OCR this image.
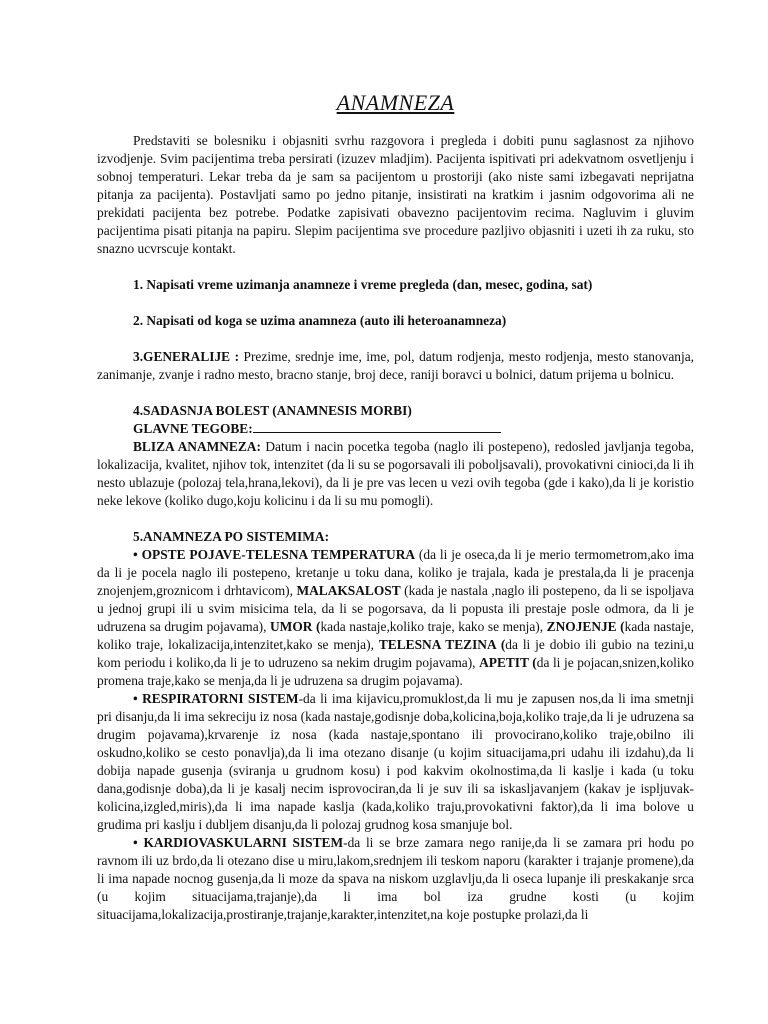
ANAMNEZA

Predstaviti se bolesniku i objasniti svrhu razgovora i pregleda i dobiti punu saglasnost za njihovo izvodjenje. Svim pacijentima treba persirati (izuzev mladjim). Pacijenta ispitivati pri adekvatnom osvetljenju i sobnoj temperaturi. Lekar treba da je sam sa pacijentom u prostoriji (ako niste sami izbegavati neprijatna pitanja za pacijenta). Postavljati samo po jedno pitanje, insistirati na kratkim i jasnim odgovorima ali ne prekidati pacijenta bez potrebe. Podatke zapisivati obavezno pacijentovim recima. Nagluvim i gluvim pacijentima pisati pitanja na papiru. Slepim pacijentima sve procedure pazljivo objasniti i uzeti ih za ruku, sto snazno ucvrscuje kontakt.

1. Napisati vreme uzimanja anamneze i vreme pregleda (dan, mesec, godina, sat)

2. Napisati od koga se uzima anamneza (auto ili heteroanamneza)

3.GENERALIJE : Prezime, srednje ime, ime, pol, datum rodjenja, mesto rodjenja, mesto stanovanja, zanimanje, zvanje i radno mesto, bracno stanje, broj dece, raniji boravci u bolnici, datum prijema u bolnicu.

4.SADASNJA BOLEST (ANAMNESIS MORBI)

GLAVNE TEGOBE:

BLIZA ANAMNEZA: Datum i nacin pocetka tegoba (naglo ili postepeno), redosled javljanja tegoba, lokalizacija, kvalitet, njihov tok, intenzitet (da li su se pogorsavali ili poboljsavali), provokativni cinioci,da li ih nesto ublazuje (polozaj tela,hrana,lekovi), da li je pre vas lecen u vezi ovih tegoba (gde i kako),da li je koristio neke lekove (koliko dugo,koju kolicinu i da li su mu pomogli).

5.ANAMNEZA PO SISTEMIMA:

• OPSTE POJAVE-TELESNA TEMPERATURA (da li je oseca,da li je merio termometrom,ako ima da li je pocela naglo ili postepeno, kretanje u toku dana, koliko je trajala, kada je prestala,da li je pracenja znojenjem,groznicom i drhtavicom), MALAKSALOST (kada je nastala ,naglo ili postepeno, da li se ispoljava u jednoj grupi ili u svim misicima tela, da li se pogorsava, da li popusta ili prestaje posle odmora, da li je udruzena sa drugim pojavama), UMOR (kada nastaje,koliko traje, kako se menja), ZNOJENJE (kada nastaje, koliko traje, lokalizacija,intenzitet,kako se menja), TELESNA TEZINA (da li je dobio ili gubio na tezini,u kom periodu i koliko,da li je to udruzeno sa nekim drugim pojavama), APETIT (da li je pojacan,snizen,koliko promena traje,kako se menja,da li je udruzena sa drugim pojavama).

• RESPIRATORNI SISTEM-da li ima kijavicu,promuklost,da li mu je zapusen nos,da li ima smetnji pri disanju,da li ima sekreciju iz nosa (kada nastaje,godisnje doba,kolicina,boja,koliko traje,da li je udruzena sa drugim pojavama),krvarenje iz nosa (kada nastaje,spontano ili provocirano,koliko traje,obilno ili oskudno,koliko se cesto ponavlja),da li ima otezano disanje (u kojim situacijama,pri udahu ili izdahu),da li dobija napade gusenja (sviranja u grudnom kosu) i pod kakvim okolnostima,da li kaslje i kada (u toku dana,godisnje doba),da li je kasalj necim isprovociran,da li je suv ili sa iskasljavanjem (kakav je ispljuvak-kolicina,izgled,miris),da li ima napade kaslja (kada,koliko traju,provokativni faktor),da li ima bolove u grudima pri kaslju i dubljem disanju,da li polozaj grudnog kosa smanjuje bol.

• KARDIOVASKULARNI SISTEM-da li se brze zamara nego ranije,da li se zamara pri hodu po ravnom ili uz brdo,da li otezano dise u miru,lakom,srednjem ili teskom naporu (karakter i trajanje promene),da li ima napade nocnog gusenja,da li moze da spava na niskom uzglavlju,da li oseca lupanje ili preskakanje srca (u kojim situacijama,trajanje),da li ima bol iza grudne kosti (u kojim situacijama,lokalizacija,prostiranje,trajanje,karakter,intenzitet,na koje postupke prolazi,da li
